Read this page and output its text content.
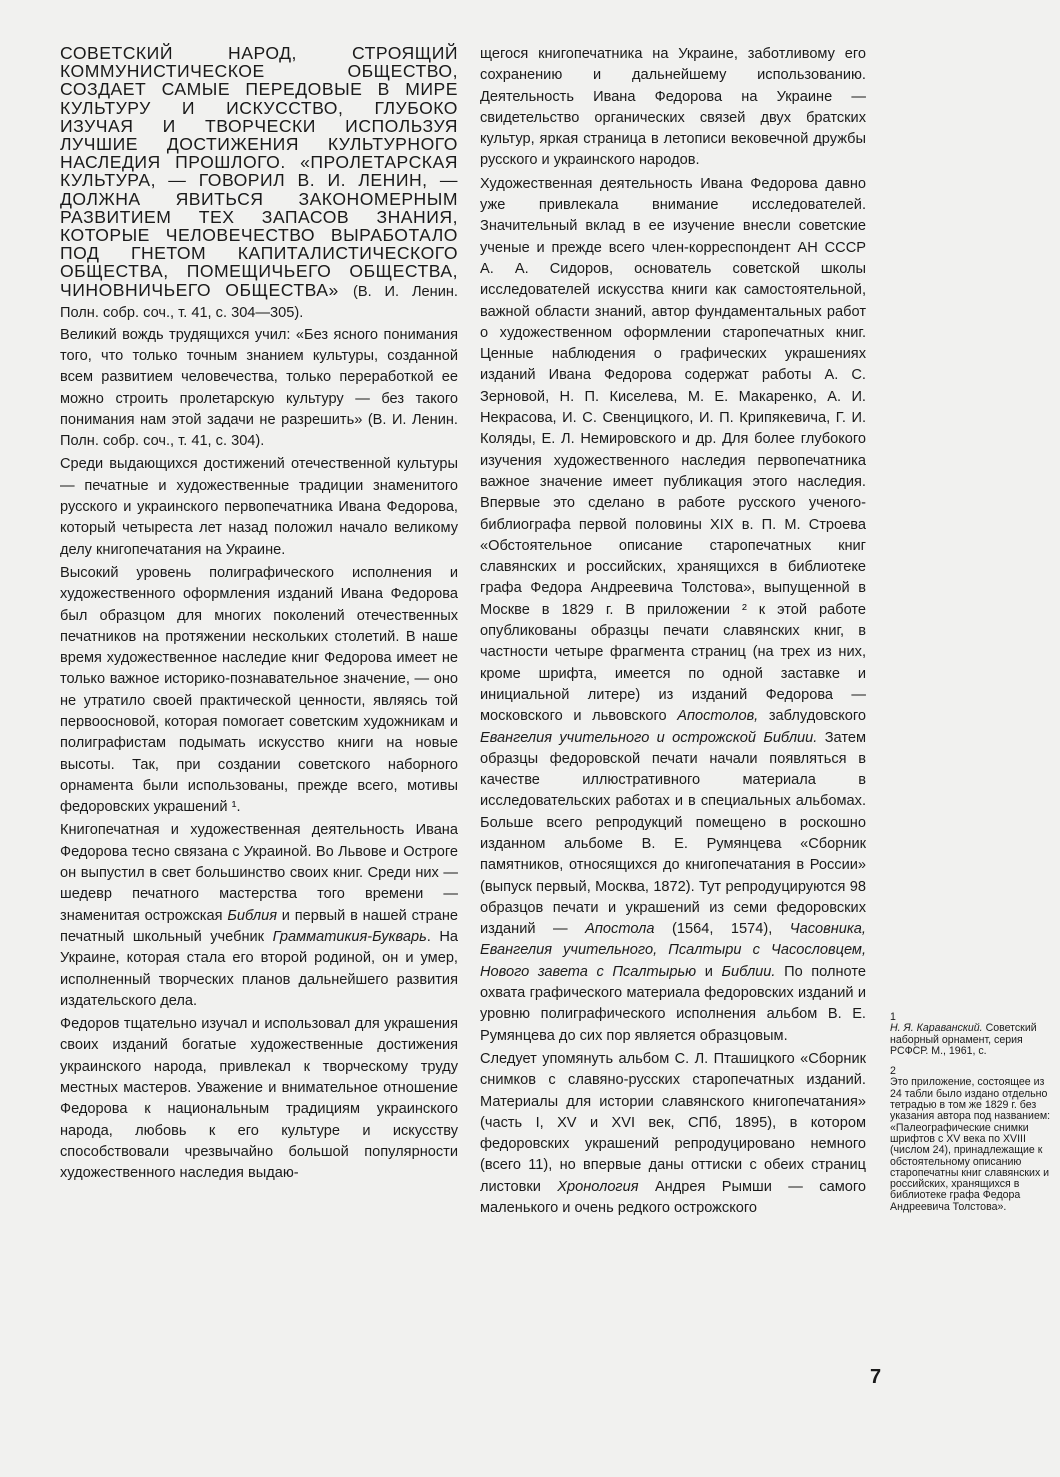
СОВЕТСКИЙ НАРОД, СТРОЯЩИЙ КОММУНИСТИЧЕСКОЕ ОБЩЕСТВО, СОЗДАЕТ САМЫЕ ПЕРЕДОВЫЕ В МИРЕ КУЛЬТУРУ И ИСКУССТВО, ГЛУБОКО ИЗУЧАЯ И ТВОРЧЕСКИ ИСПОЛЬЗУЯ ЛУЧШИЕ ДОСТИЖЕНИЯ КУЛЬТУРНОГО НАСЛЕДИЯ ПРОШЛОГО. «ПРОЛЕТАРСКАЯ КУЛЬТУРА, — ГОВОРИЛ В. И. ЛЕНИН, — ДОЛЖНА ЯВИТЬСЯ ЗАКОНОМЕРНЫМ РАЗВИТИЕМ ТЕХ ЗАПАСОВ ЗНАНИЯ, КОТОРЫЕ ЧЕЛОВЕЧЕСТВО ВЫРАБОТАЛО ПОД ГНЕТОМ КАПИТАЛИСТИЧЕСКОГО ОБЩЕСТВА, ПОМЕЩИЧЬЕГО ОБЩЕСТВА, ЧИНОВНИЧЬЕГО ОБЩЕСТВА» (В. И. Ленин. Полн. собр. соч., т. 41, с. 304—305).

Великий вождь трудящихся учил: «Без ясного понимания того, что только точным знанием культуры, созданной всем развитием человечества, только переработкой ее можно строить пролетарскую культуру — без такого понимания нам этой задачи не разрешить» (В. И. Ленин. Полн. собр. соч., т. 41, с. 304).

Среди выдающихся достижений отечественной культуры — печатные и художественные традиции знаменитого русского и украинского первопечатника Ивана Федорова, который четыреста лет назад положил начало великому делу книгопечатания на Украине.

Высокий уровень полиграфического исполнения и художественного оформления изданий Ивана Федорова был образцом для многих поколений отечественных печатников на протяжении нескольких столетий. В наше время художественное наследие книг Федорова имеет не только важное историко-познавательное значение, — оно не утратило своей практической ценности, являясь той первоосновой, которая помогает советским художникам и полиграфистам подымать искусство книги на новые высоты. Так, при создании советского наборного орнамента были использованы, прежде всего, мотивы федоровских украшений ¹.

Книгопечатная и художественная деятельность Ивана Федорова тесно связана с Украиной. Во Львове и Остроге он выпустил в свет большинство своих книг. Среди них — шедевр печатного мастерства того времени — знаменитая острожская Библия и первый в нашей стране печатный школьный учебник Грамматикия-Букварь. На Украине, которая стала его второй родиной, он и умер, исполненный творческих планов дальнейшего развития издательского дела.

Федоров тщательно изучал и использовал для украшения своих изданий богатые художественные достижения украинского народа, привлекал к творческому труду местных мастеров. Уважение и внимательное отношение Федорова к национальным традициям украинского народа, любовь к его культуре и искусству способствовали чрезвычайно большой популярности художественного наследия выдаю-

щегося книгопечатника на Украине, заботливому его сохранению и дальнейшему использованию. Деятельность Ивана Федорова на Украине — свидетельство органических связей двух братских культур, яркая страница в летописи вековечной дружбы русского и украинского народов.

Художественная деятельность Ивана Федорова давно уже привлекала внимание исследователей. Значительный вклад в ее изучение внесли советские ученые и прежде всего член-корреспондент АН СССР А. А. Сидоров, основатель советской школы исследователей искусства книги как самостоятельной, важной области знаний, автор фундаментальных работ о художественном оформлении старопечатных книг. Ценные наблюдения о графических украшениях изданий Ивана Федорова содержат работы А. С. Зерновой, Н. П. Киселева, М. Е. Макаренко, А. И. Некрасова, И. С. Свенцицкого, И. П. Крипякевича, Г. И. Коляды, Е. Л. Немировского и др. Для более глубокого изучения художественного наследия первопечатника важное значение имеет публикация этого наследия. Впервые это сделано в работе русского ученого-библиографа первой половины XIX в. П. М. Строева «Обстоятельное описание старопечатных книг славянских и российских, хранящихся в библиотеке графа Федора Андреевича Толстова», выпущенной в Москве в 1829 г. В приложении ² к этой работе опубликованы образцы печати славянских книг, в частности четыре фрагмента страниц (на трех из них, кроме шрифта, имеется по одной заставке и инициальной литере) из изданий Федорова — московского и львовского Апостолов, заблудовского Евангелия учительного и острожской Библии. Затем образцы федоровской печати начали появляться в качестве иллюстративного материала в исследовательских работах и в специальных альбомах. Больше всего репродукций помещено в роскошно изданном альбоме В. Е. Румянцева «Сборник памятников, относящихся до книгопечатания в России» (выпуск первый, Москва, 1872). Тут репродуцируются 98 образцов печати и украшений из семи федоровских изданий — Апостола (1564, 1574), Часовника, Евангелия учительного, Псалтыри с Часословцем, Нового завета с Псалтырью и Библии. По полноте охвата графического материала федоровских изданий и уровню полиграфического исполнения альбом В. Е. Румянцева до сих пор является образцовым.

Следует упомянуть альбом С. Л. Пташицкого «Сборник снимков с славяно-русских старопечатных изданий. Материалы для истории славянского книгопечатания» (часть I, XV и XVI век, СПб, 1895), в котором федоровских украшений репродуцировано немного (всего 11), но впервые даны оттиски с обеих страниц листовки Хронология Андрея Рымши — самого маленького и очень редкого острожского

1
Н. Я. Караванский. Советский наборный орнамент, серия РСФСР. М., 1961, с.
2
Это приложение, состоящее из 24 табли было издано отдельно тетрадью в том же 1829 г. без указания автора под названием: «Палеографические снимки шрифтов с XV века по XVIII (числом 24), принадлежащие к обстоятельному описанию старопечатны книг славянских и российских, хранящихся в библиотеке графа Федора Андреевича Толстова».
7
